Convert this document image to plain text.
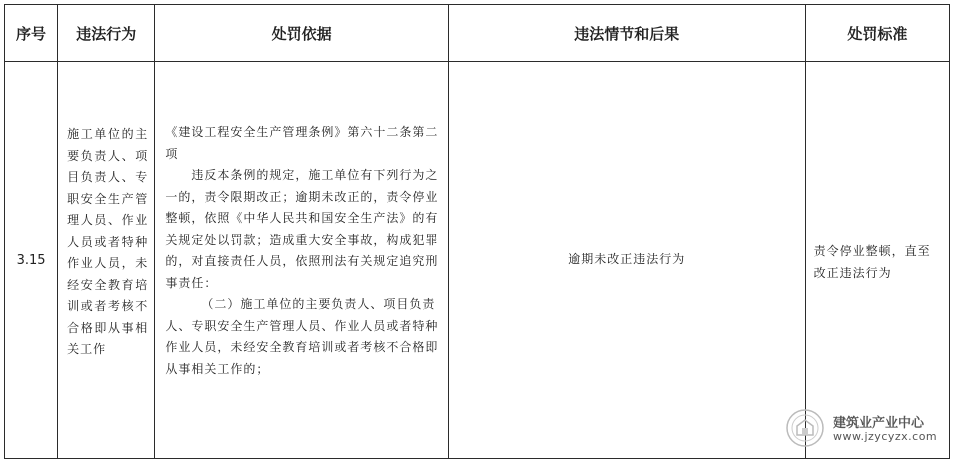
序号	违法行为	处罚依据	违法情节和后果	处罚标准
3.15	施工单位的主要负责人、项目负责人、专职安全生产管理人员、作业人员或者特种作业人员，未经安全教育培训或者考核不合格即从事相关工作	《建设工程安全生产管理条例》第六十二条第二项

违反本条例的规定，施工单位有下列行为之一的，责令限期改正；逾期未改正的，责令停业整顿，依照《中华人民共和国安全生产法》的有关规定处以罚款；造成重大安全事故，构成犯罪的，对直接责任人员，依照刑法有关规定追究刑事责任：

（二）施工单位的主要负责人、项目负责人、专职安全生产管理人员、作业人员或者特种作业人员，未经安全教育培训或者考核不合格即从事相关工作的；	逾期未改正违法行为	责令停业整顿，直至改正违法行为
建筑业产业中心
www.jzycyzx.com
